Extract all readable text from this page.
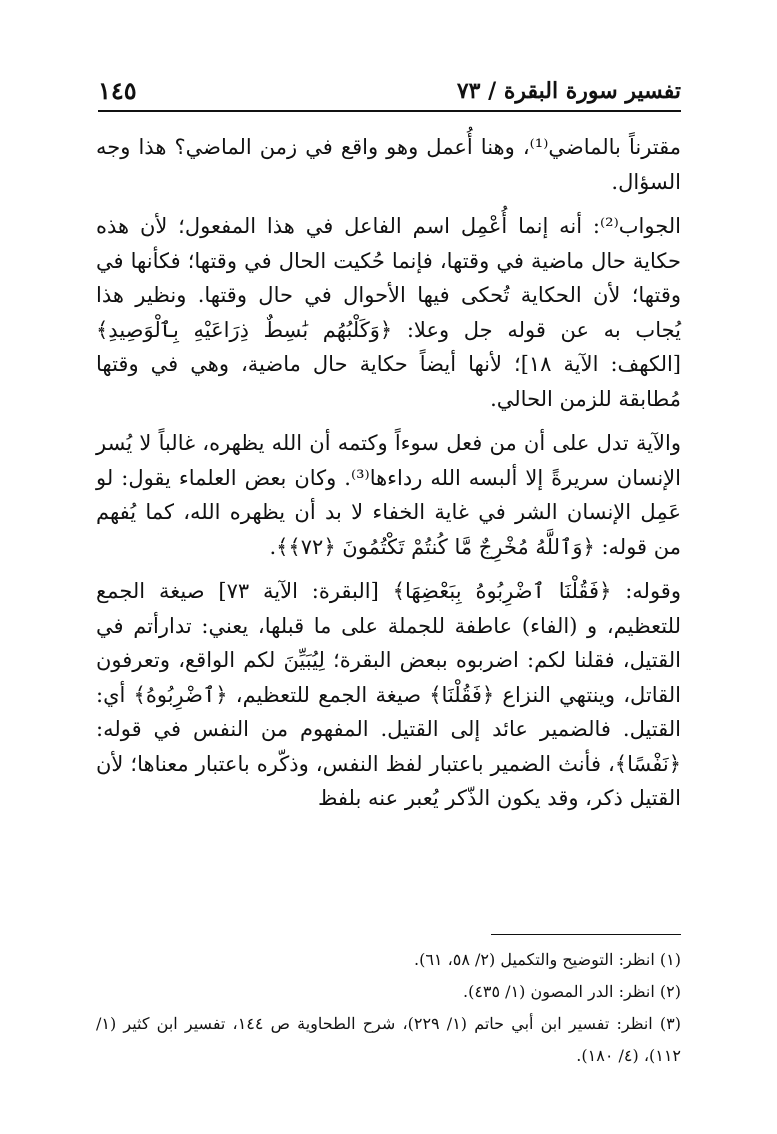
تفسير سورة البقرة / ٧٣
١٤٥

مقترناً بالماضي⁽¹⁾، وهنا أُعمل وهو واقع في زمن الماضي؟ هذا وجه السؤال.

الجواب⁽²⁾: أنه إنما أُعْمِل اسم الفاعل في هذا المفعول؛ لأن هذه حكاية حال ماضية في وقتها، فإنما حُكيت الحال في وقتها؛ فكأنها في وقتها؛ لأن الحكاية تُحكى فيها الأحوال في حال وقتها. ونظير هذا يُجاب به عن قوله جل وعلا: ﴿وَكَلْبُهُم بَٰسِطٌ ذِرَاعَيْهِ بِٱلْوَصِيدِ﴾ [الكهف: الآية ١٨]؛ لأنها أيضاً حكاية حال ماضية، وهي في وقتها مُطابقة للزمن الحالي.

والآية تدل على أن من فعل سوءاً وكتمه أن الله يظهره، غالباً لا يُسر الإنسان سريرةً إلا ألبسه الله رداءها⁽³⁾. وكان بعض العلماء يقول: لو عَمِل الإنسان الشر في غاية الخفاء لا بد أن يظهره الله، كما يُفهم من قوله: ﴿وَٱللَّهُ مُخْرِجٌ مَّا كُنتُمْ تَكْتُمُونَ ﴿٧٢﴾﴾.

وقوله: ﴿فَقُلْنَا ٱضْرِبُوهُ بِبَعْضِهَا﴾ [البقرة: الآية ٧٣] صيغة الجمع للتعظيم، و (الفاء) عاطفة للجملة على ما قبلها، يعني: تدارأتم في القتيل، فقلنا لكم: اضربوه ببعض البقرة؛ لِيُبَيِّنَ لكم الواقع، وتعرفون القاتل، وينتهي النزاع ﴿فَقُلْنَا﴾ صيغة الجمع للتعظيم، ﴿ٱضْرِبُوهُ﴾ أي: القتيل. فالضمير عائد إلى القتيل. المفهوم من النفس في قوله: ﴿نَفْسًا﴾، فأنث الضمير باعتبار لفظ النفس، وذكّره باعتبار معناها؛ لأن القتيل ذكر، وقد يكون الذّكر يُعبر عنه بلفظ

(١) انظر: التوضيح والتكميل (٢/ ٥٨، ٦١).

(٢) انظر: الدر المصون (١/ ٤٣٥).

(٣) انظر: تفسير ابن أبي حاتم (١/ ٢٢٩)، شرح الطحاوية ص ١٤٤، تفسير ابن كثير (١/ ١١٢)، (٤/ ١٨٠).
